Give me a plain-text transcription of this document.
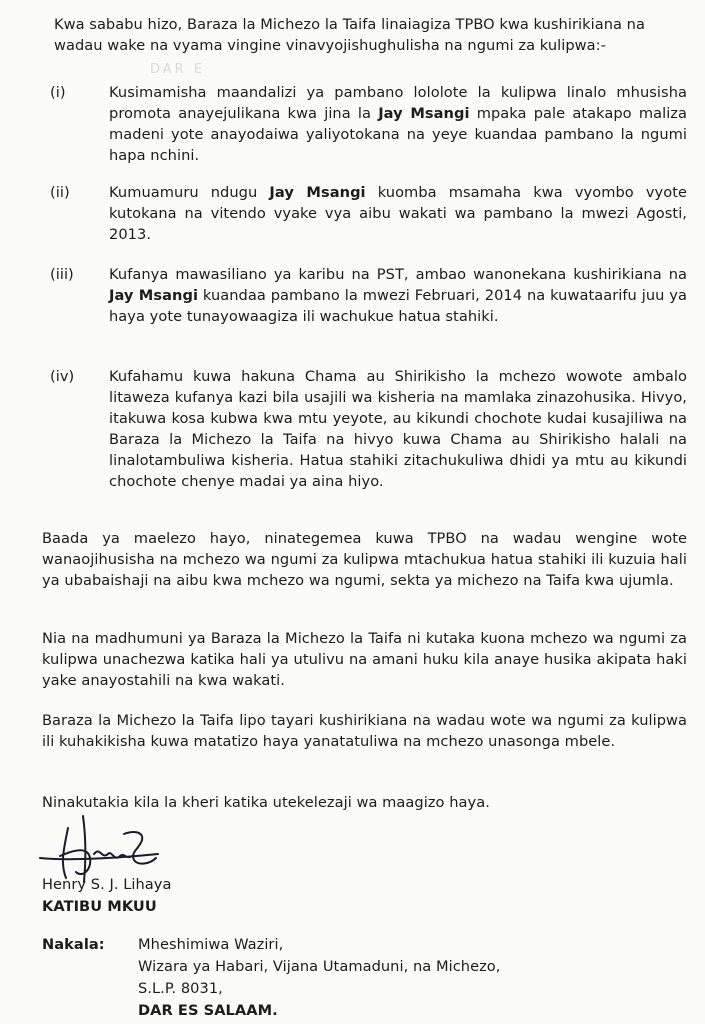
DAR E
Kwa sababu hizo, Baraza la Michezo la Taifa linaiagiza TPBO kwa kushirikiana na wadau wake na vyama vingine vinavyojishughulisha na ngumi za kulipwa:-
(i)	Kusimamisha maandalizi ya pambano lololote la kulipwa linalo mhusisha promota anayejulikana kwa jina la Jay Msangi mpaka pale atakapo maliza madeni yote anayodaiwa yaliyotokana na yeye kuandaa pambano la ngumi hapa nchini.
(ii)	Kumuamuru ndugu Jay Msangi kuomba msamaha kwa vyombo vyote kutokana na vitendo vyake vya aibu wakati wa pambano la mwezi Agosti, 2013.
(iii) Kufanya mawasiliano ya karibu na PST, ambao wanonekana kushirikiana na Jay Msangi kuandaa pambano la mwezi Februari, 2014 na kuwataarifu juu ya haya yote tunayowaagiza ili wachukue hatua stahiki.
(iv) Kufahamu kuwa hakuna Chama au Shirikisho la mchezo wowote ambalo litaweza kufanya kazi bila usajili wa kisheria na mamlaka zinazohusika. Hivyo, itakuwa kosa kubwa kwa mtu yeyote, au kikundi chochote kudai kusajiliwa na Baraza la Michezo la Taifa na hivyo kuwa Chama au Shirikisho halali na linalotambuliwa kisheria. Hatua stahiki zitachukuliwa dhidi ya mtu au kikundi chochote chenye madai ya aina hiyo.
Baada ya maelezo hayo, ninategemea kuwa TPBO na wadau wengine wote wanaojihusisha na mchezo wa ngumi za kulipwa mtachukua hatua stahiki ili kuzuia hali ya ubabaishaji na aibu kwa mchezo wa ngumi, sekta ya michezo na Taifa kwa ujumla.
Nia na madhumuni ya Baraza la Michezo la Taifa ni kutaka kuona mchezo wa ngumi za kulipwa unachezwa katika hali ya utulivu na amani huku kila anaye husika akipata haki yake anayostahili na kwa wakati.
Baraza la Michezo la Taifa lipo tayari kushirikiana na wadau wote wa ngumi za kulipwa ili kuhakikisha kuwa matatizo haya yanatatuliwa na mchezo unasonga mbele.
Ninakutakia kila la kheri katika utekelezaji wa maagizo haya.
Henry S. J. Lihaya
KATIBU MKUU
Nakala: Mheshimiwa Waziri,
Wizara ya Habari, Vijana Utamaduni, na Michezo,
S.L.P. 8031,
DAR ES SALAAM.
